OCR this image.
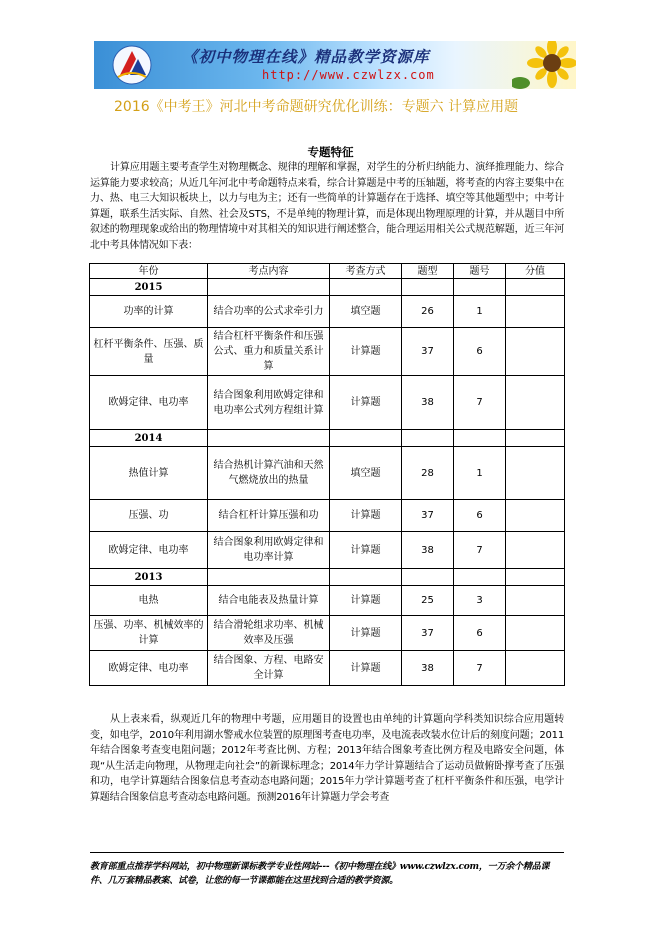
《初中物理在线》精品教学资源库
http://www.czwlzx.com
2016《中考王》河北中考命题研究优化训练：专题六 计算应用题
专题特征
计算应用题主要考查学生对物理概念、规律的理解和掌握，对学生的分析归纳能力、演绎推理能力、综合运算能力要求较高；从近几年河北中考命题特点来看，综合计算题是中考的压轴题，将考查的内容主要集中在力、热、电三大知识板块上，以力与电为主；还有一些简单的计算题存在于选择、填空等其他题型中；中考计算题，联系生活实际、自然、社会及STS，不是单纯的物理计算，而是体现出物理原理的计算，并从题目中所叙述的物理现象或给出的物理情境中对其相关的知识进行阐述整合，能合理运用相关公式规范解题，近三年河北中考具体情况如下表：
年份	考点内容	考查方式	题型	题号	分值
2015					
功率的计算	结合功率的公式求牵引力	填空题	26	1	
杠杆平衡条件、压强、质量	结合杠杆平衡条件和压强公式、重力和质量关系计算	计算题	37	6	
欧姆定律、电功率	结合图象利用欧姆定律和电功率公式列方程组计算	计算题	38	7	
2014					
热值计算	结合热机计算汽油和天然气燃烧放出的热量	填空题	28	1	
压强、功	结合杠杆计算压强和功	计算题	37	6	
欧姆定律、电功率	结合图象利用欧姆定律和电功率计算	计算题	38	7	
2013					
电热	结合电能表及热量计算	计算题	25	3	
压强、功率、机械效率的计算	结合滑轮组求功率、机械效率及压强	计算题	37	6	
欧姆定律、电功率	结合图象、方程、电路安全计算	计算题	38	7	
从上表来看，纵观近几年的物理中考题，应用题目的设置也由单纯的计算题向学科类知识综合应用题转变，如电学，2010年利用湖水警戒水位装置的原理图考查电功率，及电流表改装水位计后的刻度问题；2011年结合图象考查变电阻问题；2012年考查比例、方程；2013年结合图象考查比例方程及电路安全问题，体现“从生活走向物理，从物理走向社会”的新课标理念；2014年力学计算题结合了运动员做俯卧撑考查了压强和功，电学计算题结合图象信息考查动态电路问题；2015年力学计算题考查了杠杆平衡条件和压强，电学计算题结合图象信息考查动态电路问题。预测2016年计算题力学会考查
教育部重点推荐学科网站，初中物理新课标教学专业性网站---《初中物理在线》www.czwlzx.com，一万余个精品课件、几万套精品教案、试卷，让您的每一节课都能在这里找到合适的教学资源。
